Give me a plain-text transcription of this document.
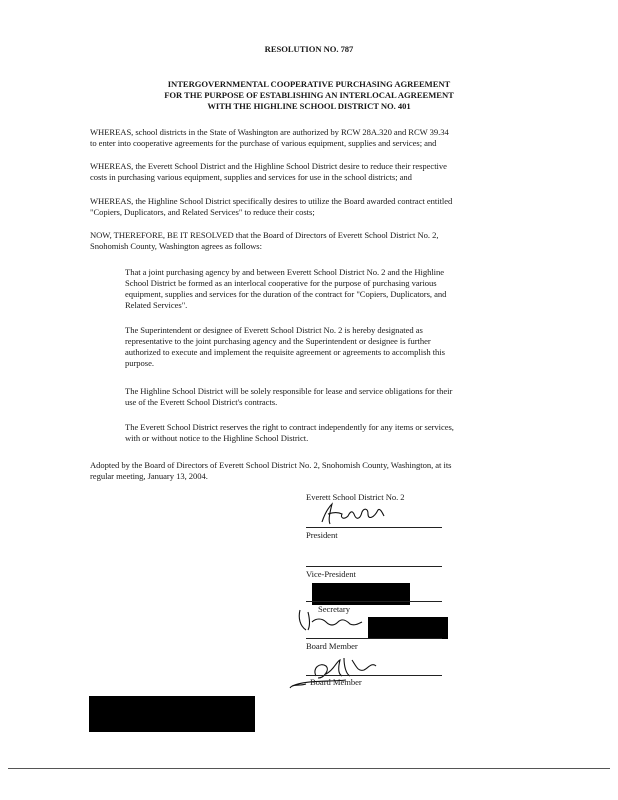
RESOLUTION NO. 787
INTERGOVERNMENTAL COOPERATIVE PURCHASING AGREEMENT
FOR THE PURPOSE OF ESTABLISHING AN INTERLOCAL AGREEMENT
WITH THE HIGHLINE SCHOOL DISTRICT NO. 401
WHEREAS, school districts in the State of Washington are authorized by RCW 28A.320 and RCW 39.34
to enter into cooperative agreements for the purchase of various equipment, supplies and services; and
WHEREAS, the Everett School District and the Highline School District desire to reduce their respective
costs in purchasing various equipment, supplies and services for use in the school districts; and
WHEREAS, the Highline School District specifically desires to utilize the Board awarded contract entitled
"Copiers, Duplicators, and Related Services" to reduce their costs;
NOW, THEREFORE, BE IT RESOLVED that the Board of Directors of Everett School District No. 2,
Snohomish County, Washington agrees as follows:
That a joint purchasing agency by and between Everett School District No. 2 and the Highline
School District be formed as an interlocal cooperative for the purpose of purchasing various
equipment, supplies and services for the duration of the contract for "Copiers, Duplicators, and
Related Services".
The Superintendent or designee of Everett School District No. 2 is hereby designated as
representative to the joint purchasing agency and the Superintendent or designee is further
authorized to execute and implement the requisite agreement or agreements to accomplish this
purpose.
The Highline School District will be solely responsible for lease and service obligations for their
use of the Everett School District's contracts.
The Everett School District reserves the right to contract independently for any items or services,
with or without notice to the Highline School District.
Adopted by the Board of Directors of Everett School District No. 2, Snohomish County, Washington, at its
regular meeting, January 13, 2004.
Everett School District No. 2
President
Vice-President
Secretary
Board Member
Board Member
